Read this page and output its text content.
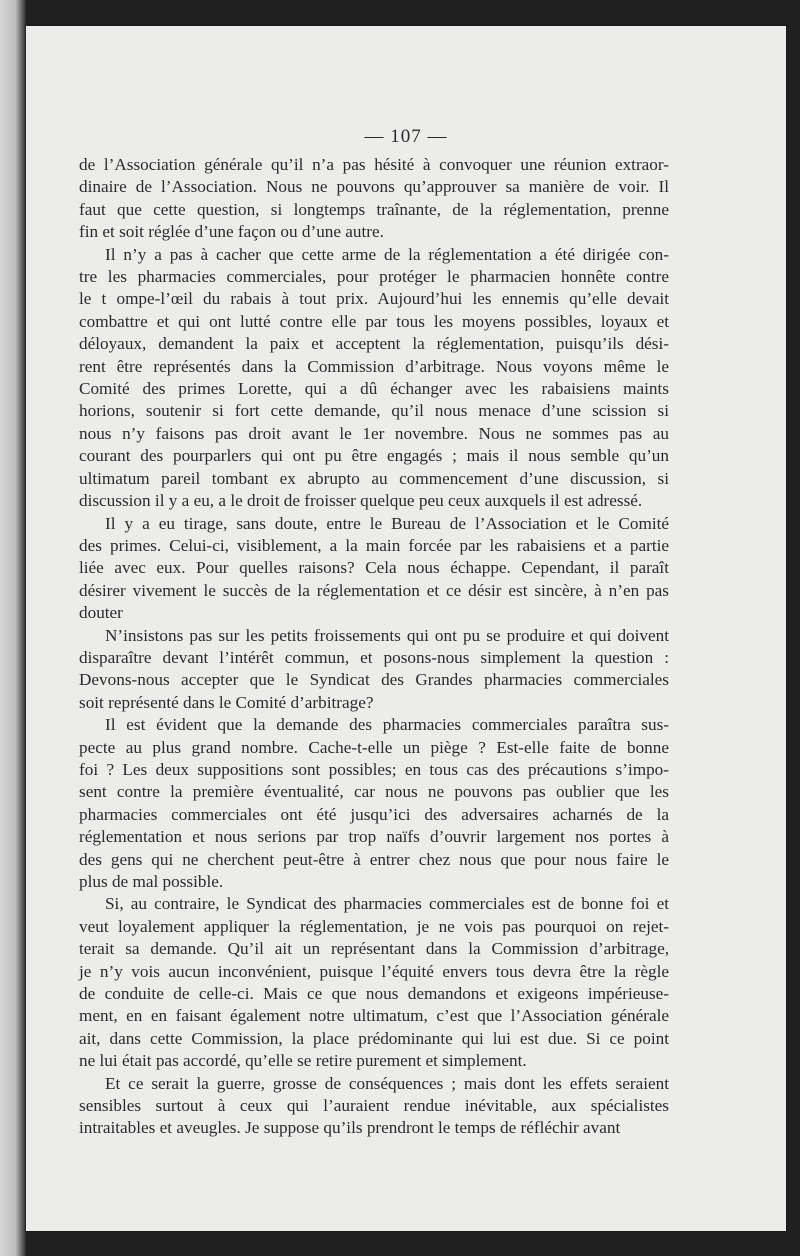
— 107 —
de l’Association générale qu’il n’a pas hésité à convoquer une réunion extraor-
dinaire de l’Association. Nous ne pouvons qu’approuver sa manière de voir. Il
faut que cette question, si longtemps traînante, de la réglementation, prenne
fin et soit réglée d’une façon ou d’une autre.
Il n’y a pas à cacher que cette arme de la réglementation a été dirigée con-
tre les pharmacies commerciales, pour protéger le pharmacien honnête contre
le t ompe-l’œil du rabais à tout prix. Aujourd’hui les ennemis qu’elle devait
combattre et qui ont lutté contre elle par tous les moyens possibles, loyaux et
déloyaux, demandent la paix et acceptent la réglementation, puisqu’ils dési-
rent être représentés dans la Commission d’arbitrage. Nous voyons même le
Comité des primes Lorette, qui a dû échanger avec les rabaisiens maints
horions, soutenir si fort cette demande, qu’il nous menace d’une scission si
nous n’y faisons pas droit avant le 1er novembre. Nous ne sommes pas au
courant des pourparlers qui ont pu être engagés ; mais il nous semble qu’un
ultimatum pareil tombant ex abrupto au commencement d’une discussion, si
discussion il y a eu, a le droit de froisser quelque peu ceux auxquels il est adressé.
Il y a eu tirage, sans doute, entre le Bureau de l’Association et le Comité
des primes. Celui-ci, visiblement, a la main forcée par les rabaisiens et a partie
liée avec eux. Pour quelles raisons? Cela nous échappe. Cependant, il paraît
désirer vivement le succès de la réglementation et ce désir est sincère, à n’en pas
douter
N’insistons pas sur les petits froissements qui ont pu se produire et qui doivent
disparaître devant l’intérêt commun, et posons-nous simplement la question :
Devons-nous accepter que le Syndicat des Grandes pharmacies commerciales
soit représenté dans le Comité d’arbitrage?
Il est évident que la demande des pharmacies commerciales paraîtra sus-
pecte au plus grand nombre. Cache-t-elle un piège ? Est-elle faite de bonne
foi ? Les deux suppositions sont possibles; en tous cas des précautions s’impo-
sent contre la première éventualité, car nous ne pouvons pas oublier que les
pharmacies commerciales ont été jusqu’ici des adversaires acharnés de la
réglementation et nous serions par trop naïfs d’ouvrir largement nos portes à
des gens qui ne cherchent peut-être à entrer chez nous que pour nous faire le
plus de mal possible.
Si, au contraire, le Syndicat des pharmacies commerciales est de bonne foi et
veut loyalement appliquer la réglementation, je ne vois pas pourquoi on rejet-
terait sa demande. Qu’il ait un représentant dans la Commission d’arbitrage,
je n’y vois aucun inconvénient, puisque l’équité envers tous devra être la règle
de conduite de celle-ci. Mais ce que nous demandons et exigeons impérieuse-
ment, en en faisant également notre ultimatum, c’est que l’Association générale
ait, dans cette Commission, la place prédominante qui lui est due. Si ce point
ne lui était pas accordé, qu’elle se retire purement et simplement.
Et ce serait la guerre, grosse de conséquences ; mais dont les effets seraient
sensibles surtout à ceux qui l’auraient rendue inévitable, aux spécialistes
intraitables et aveugles. Je suppose qu’ils prendront le temps de réfléchir avant
